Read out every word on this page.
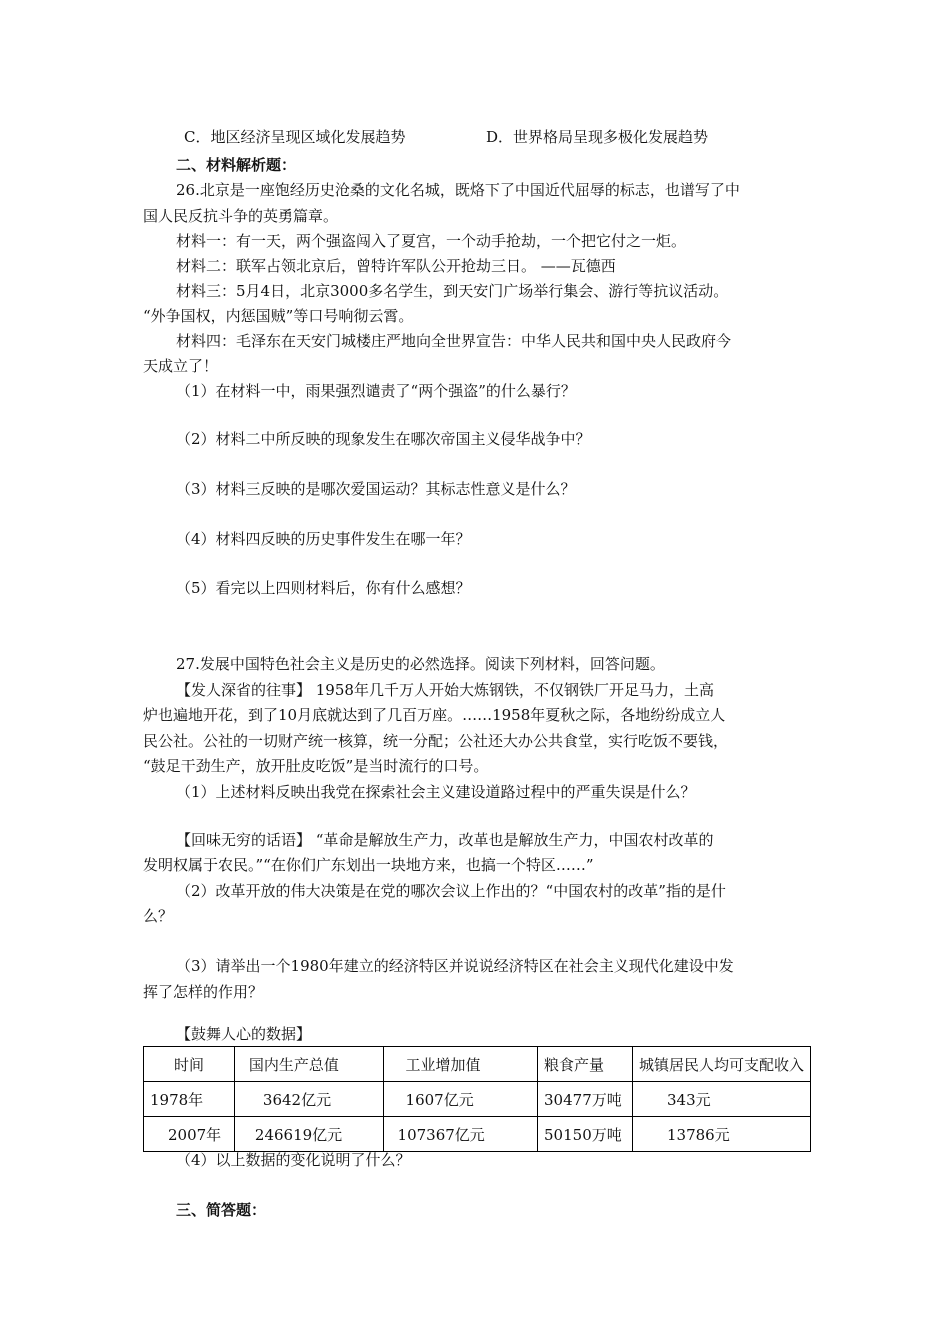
C．地区经济呈现区域化发展趋势	D．世界格局呈现多极化发展趋势
二、材料解析题：
26.北京是一座饱经历史沧桑的文化名城，既烙下了中国近代屈辱的标志，也谱写了中
国人民反抗斗争的英勇篇章。
材料一：有一天，两个强盗闯入了夏宫，一个动手抢劫，一个把它付之一炬。
材料二：联军占领北京后，曾特许军队公开抢劫三日。 ——瓦德西
材料三：5月4日，北京3000多名学生，到天安门广场举行集会、游行等抗议活动。
“外争国权，内惩国贼”等口号响彻云霄。
材料四：毛泽东在天安门城楼庄严地向全世界宣告：中华人民共和国中央人民政府今
天成立了！
（1）在材料一中，雨果强烈谴责了“两个强盗”的什么暴行？
（2）材料二中所反映的现象发生在哪次帝国主义侵华战争中？
（3）材料三反映的是哪次爱国运动？其标志性意义是什么？
（4）材料四反映的历史事件发生在哪一年？
（5）看完以上四则材料后，你有什么感想？
27.发展中国特色社会主义是历史的必然选择。阅读下列材料，回答问题。
【发人深省的往事】 1958年几千万人开始大炼钢铁，不仅钢铁厂开足马力，土高
炉也遍地开花，到了10月底就达到了几百万座。……1958年夏秋之际，各地纷纷成立人
民公社。公社的一切财产统一核算，统一分配；公社还大办公共食堂，实行吃饭不要钱，
“鼓足干劲生产，放开肚皮吃饭”是当时流行的口号。
（1）上述材料反映出我党在探索社会主义建设道路过程中的严重失误是什么？
【回味无穷的话语】 “革命是解放生产力，改革也是解放生产力，中国农村改革的
发明权属于农民。”“在你们广东划出一块地方来，也搞一个特区……”
（2）改革开放的伟大决策是在党的哪次会议上作出的？“中国农村的改革”指的是什
么？
（3）请举出一个1980年建立的经济特区并说说经济特区在社会主义现代化建设中发
挥了怎样的作用？
【鼓舞人心的数据】
时间	国内生产总值	工业增加值	粮食产量	城镇居民人均可支配收入
1978年	3642亿元	1607亿元	30477万吨	343元
2007年	246619亿元	107367亿元	50150万吨	13786元
（4）以上数据的变化说明了什么？
三、简答题：
